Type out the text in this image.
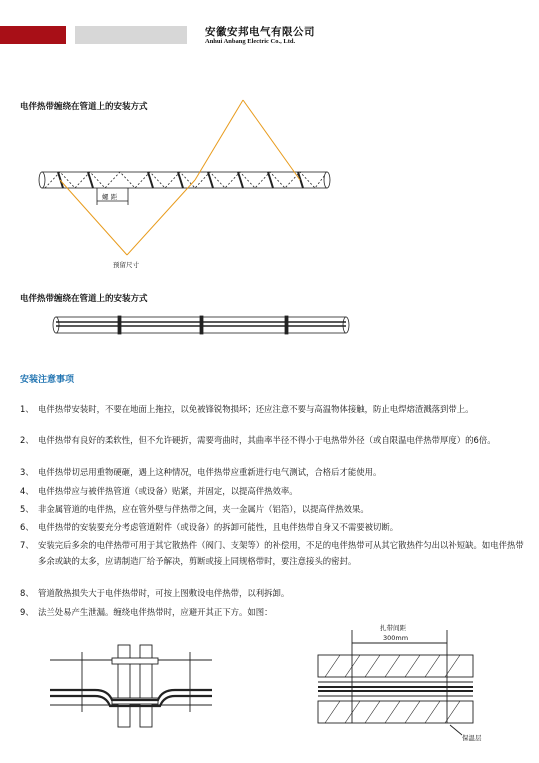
安徽安邦电气有限公司
Anhui Anbang Electric Co., Ltd.
电伴热带缠绕在管道上的安装方式
螺 距
预留尺寸
电伴热带缠绕在管道上的安装方式
安装注意事项
1、 电伴热带安装时，不要在地面上拖拉，以免被锋锐物损坏；还应注意不要与高温物体接触，防止电焊熔渣溅落到带上。
2、 电伴热带有良好的柔软性，但不允许硬折，需要弯曲时，其曲率半径不得小于电热带外径（或自限温电伴热带厚度）的6倍。
3、 电伴热带切忌用重物硬砸，遇上这种情况，电伴热带应重新进行电气测试，合格后才能使用。
4、 电伴热带应与被伴热管道（或设备）贴紧，并固定，以提高伴热效率。
5、 非金属管道的电伴热，应在管外壁与伴热带之间，夹一金属片（铝箔），以提高伴热效果。
6、 电伴热带的安装要充分考虑管道附件（或设备）的拆卸可能性，且电伴热带自身又不需要被切断。
7、 安装完后多余的电伴热带可用于其它散热件（阀门、支架等）的补偿用，不足的电伴热带可从其它散热件匀出以补短缺。如电伴热带多余或缺的太多，应请制造厂给予解决，剪断或接上同规格带时，要注意接头的密封。
8、 管道散热损失大于电伴热带时，可按上图敷设电伴热带，以利拆卸。
9、 法兰处易产生泄漏。缠绕电伴热带时，应避开其正下方。如图：
扎带间距
300mm
保温层
